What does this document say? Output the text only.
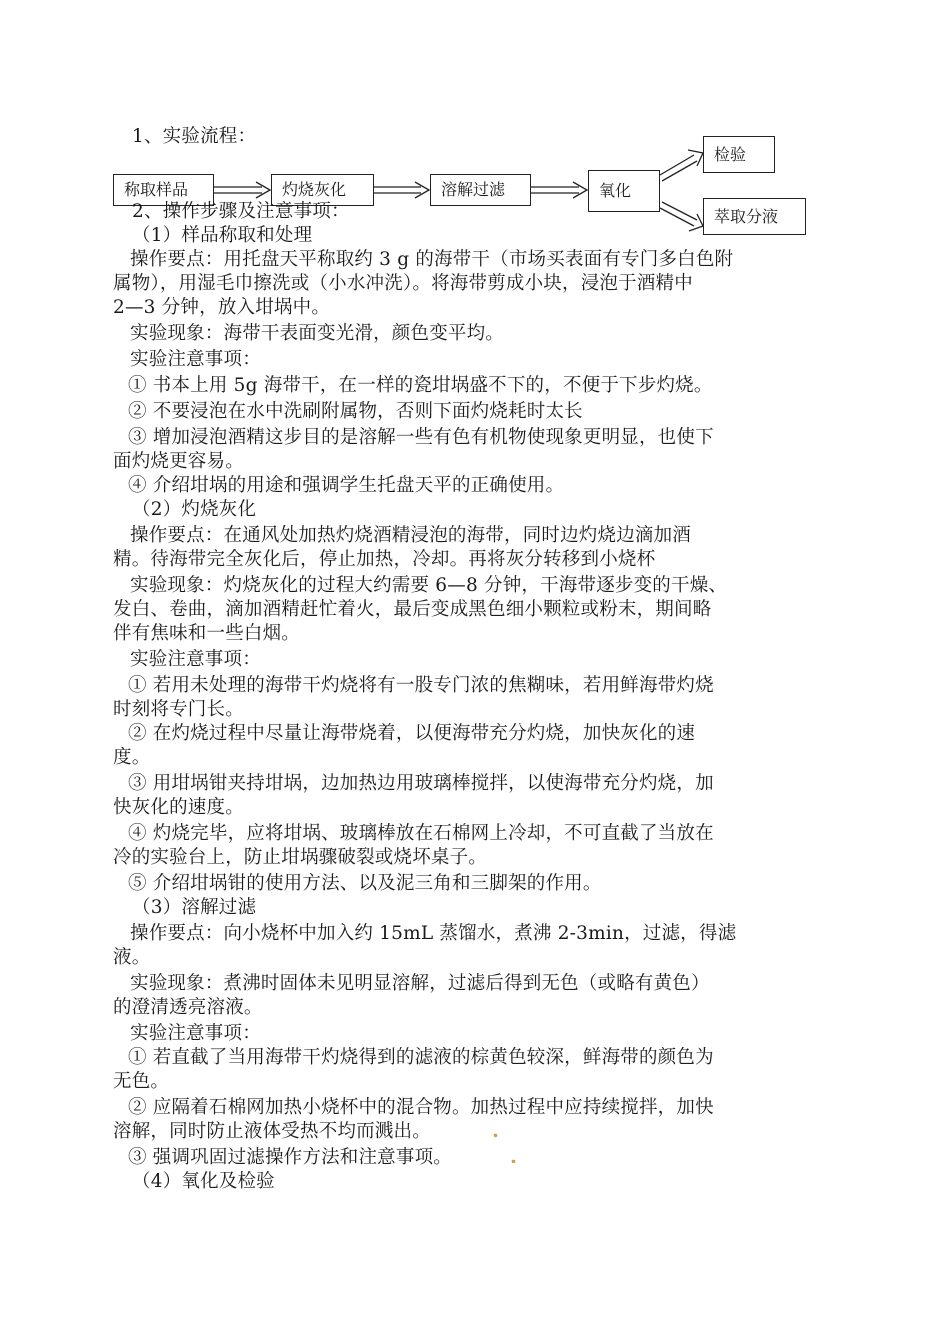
1、实验流程：
称取样品	灼烧灰化	溶解过滤	氧化
检验
萃取分液
2、操作步骤及注意事项：
（1）样品称取和处理
操作要点：用托盘天平称取约 3 g 的海带干（市场买表面有专门多白色附
属物），用湿毛巾擦洗或（小水冲洗）。将海带剪成小块，浸泡于酒精中
2—3 分钟，放入坩埚中。
实验现象：海带干表面变光滑，颜色变平均。
实验注意事项：
① 书本上用 5g 海带干，在一样的瓷坩埚盛不下的，不便于下步灼烧。
② 不要浸泡在水中洗刷附属物，否则下面灼烧耗时太长
③ 增加浸泡酒精这步目的是溶解一些有色有机物使现象更明显，也使下
面灼烧更容易。
④ 介绍坩埚的用途和强调学生托盘天平的正确使用。
（2）灼烧灰化
操作要点：在通风处加热灼烧酒精浸泡的海带，同时边灼烧边滴加酒
精。待海带完全灰化后，停止加热，冷却。再将灰分转移到小烧杯
实验现象：灼烧灰化的过程大约需要 6—8 分钟，干海带逐步变的干燥、
发白、卷曲，滴加酒精赶忙着火，最后变成黑色细小颗粒或粉末，期间略
伴有焦味和一些白烟。
实验注意事项：
① 若用未处理的海带干灼烧将有一股专门浓的焦糊味，若用鲜海带灼烧
时刻将专门长。
② 在灼烧过程中尽量让海带烧着，以便海带充分灼烧，加快灰化的速
度。
③ 用坩埚钳夹持坩埚，边加热边用玻璃棒搅拌，以使海带充分灼烧，加
快灰化的速度。
④ 灼烧完毕，应将坩埚、玻璃棒放在石棉网上冷却，不可直截了当放在
冷的实验台上，防止坩埚骤破裂或烧坏桌子。
⑤ 介绍坩埚钳的使用方法、以及泥三角和三脚架的作用。
（3）溶解过滤
操作要点：向小烧杯中加入约 15mL 蒸馏水，煮沸 2-3min，过滤，得滤
液。
实验现象：煮沸时固体未见明显溶解，过滤后得到无色（或略有黄色）
的澄清透亮溶液。
实验注意事项：
① 若直截了当用海带干灼烧得到的滤液的棕黄色较深，鲜海带的颜色为
无色。
② 应隔着石棉网加热小烧杯中的混合物。加热过程中应持续搅拌，加快
溶解，同时防止液体受热不均而溅出。
③ 强调巩固过滤操作方法和注意事项。
（4）氧化及检验
.
.
